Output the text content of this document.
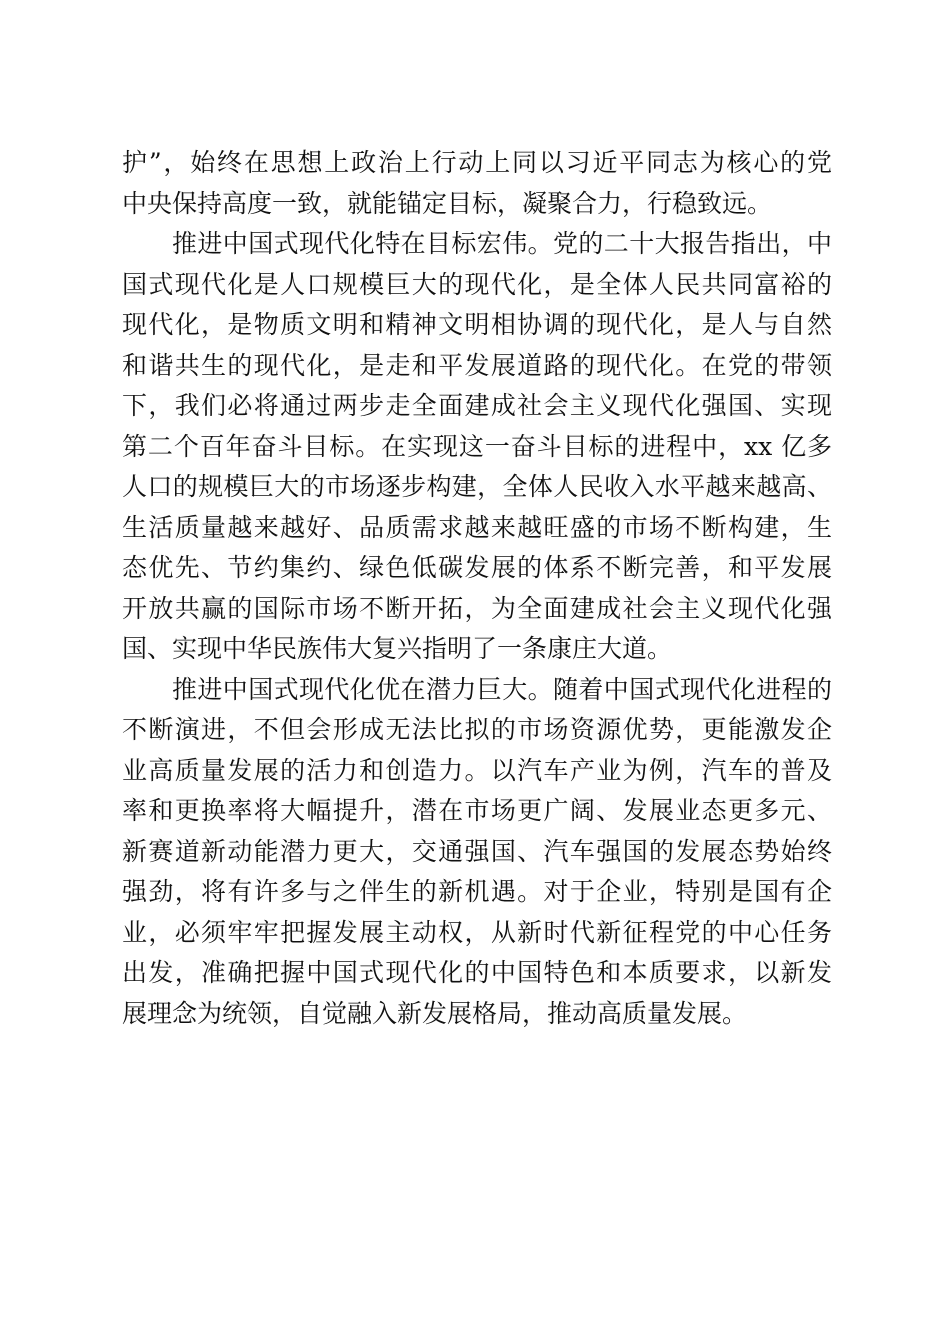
护”，始终在思想上政治上行动上同以习近平同志为核心的党
中央保持高度一致，就能锚定目标，凝聚合力，行稳致远。
推进中国式现代化特在目标宏伟。党的二十大报告指出，中
国式现代化是人口规模巨大的现代化，是全体人民共同富裕的
现代化，是物质文明和精神文明相协调的现代化，是人与自然
和谐共生的现代化，是走和平发展道路的现代化。在党的带领
下，我们必将通过两步走全面建成社会主义现代化强国、实现
第二个百年奋斗目标。在实现这一奋斗目标的进程中，xx 亿多
人口的规模巨大的市场逐步构建，全体人民收入水平越来越高、
生活质量越来越好、品质需求越来越旺盛的市场不断构建，生
态优先、节约集约、绿色低碳发展的体系不断完善，和平发展
开放共赢的国际市场不断开拓，为全面建成社会主义现代化强
国、实现中华民族伟大复兴指明了一条康庄大道。
推进中国式现代化优在潜力巨大。随着中国式现代化进程的
不断演进，不但会形成无法比拟的市场资源优势，更能激发企
业高质量发展的活力和创造力。以汽车产业为例，汽车的普及
率和更换率将大幅提升，潜在市场更广阔、发展业态更多元、
新赛道新动能潜力更大，交通强国、汽车强国的发展态势始终
强劲，将有许多与之伴生的新机遇。对于企业，特别是国有企
业，必须牢牢把握发展主动权，从新时代新征程党的中心任务
出发，准确把握中国式现代化的中国特色和本质要求，以新发
展理念为统领，自觉融入新发展格局，推动高质量发展。
